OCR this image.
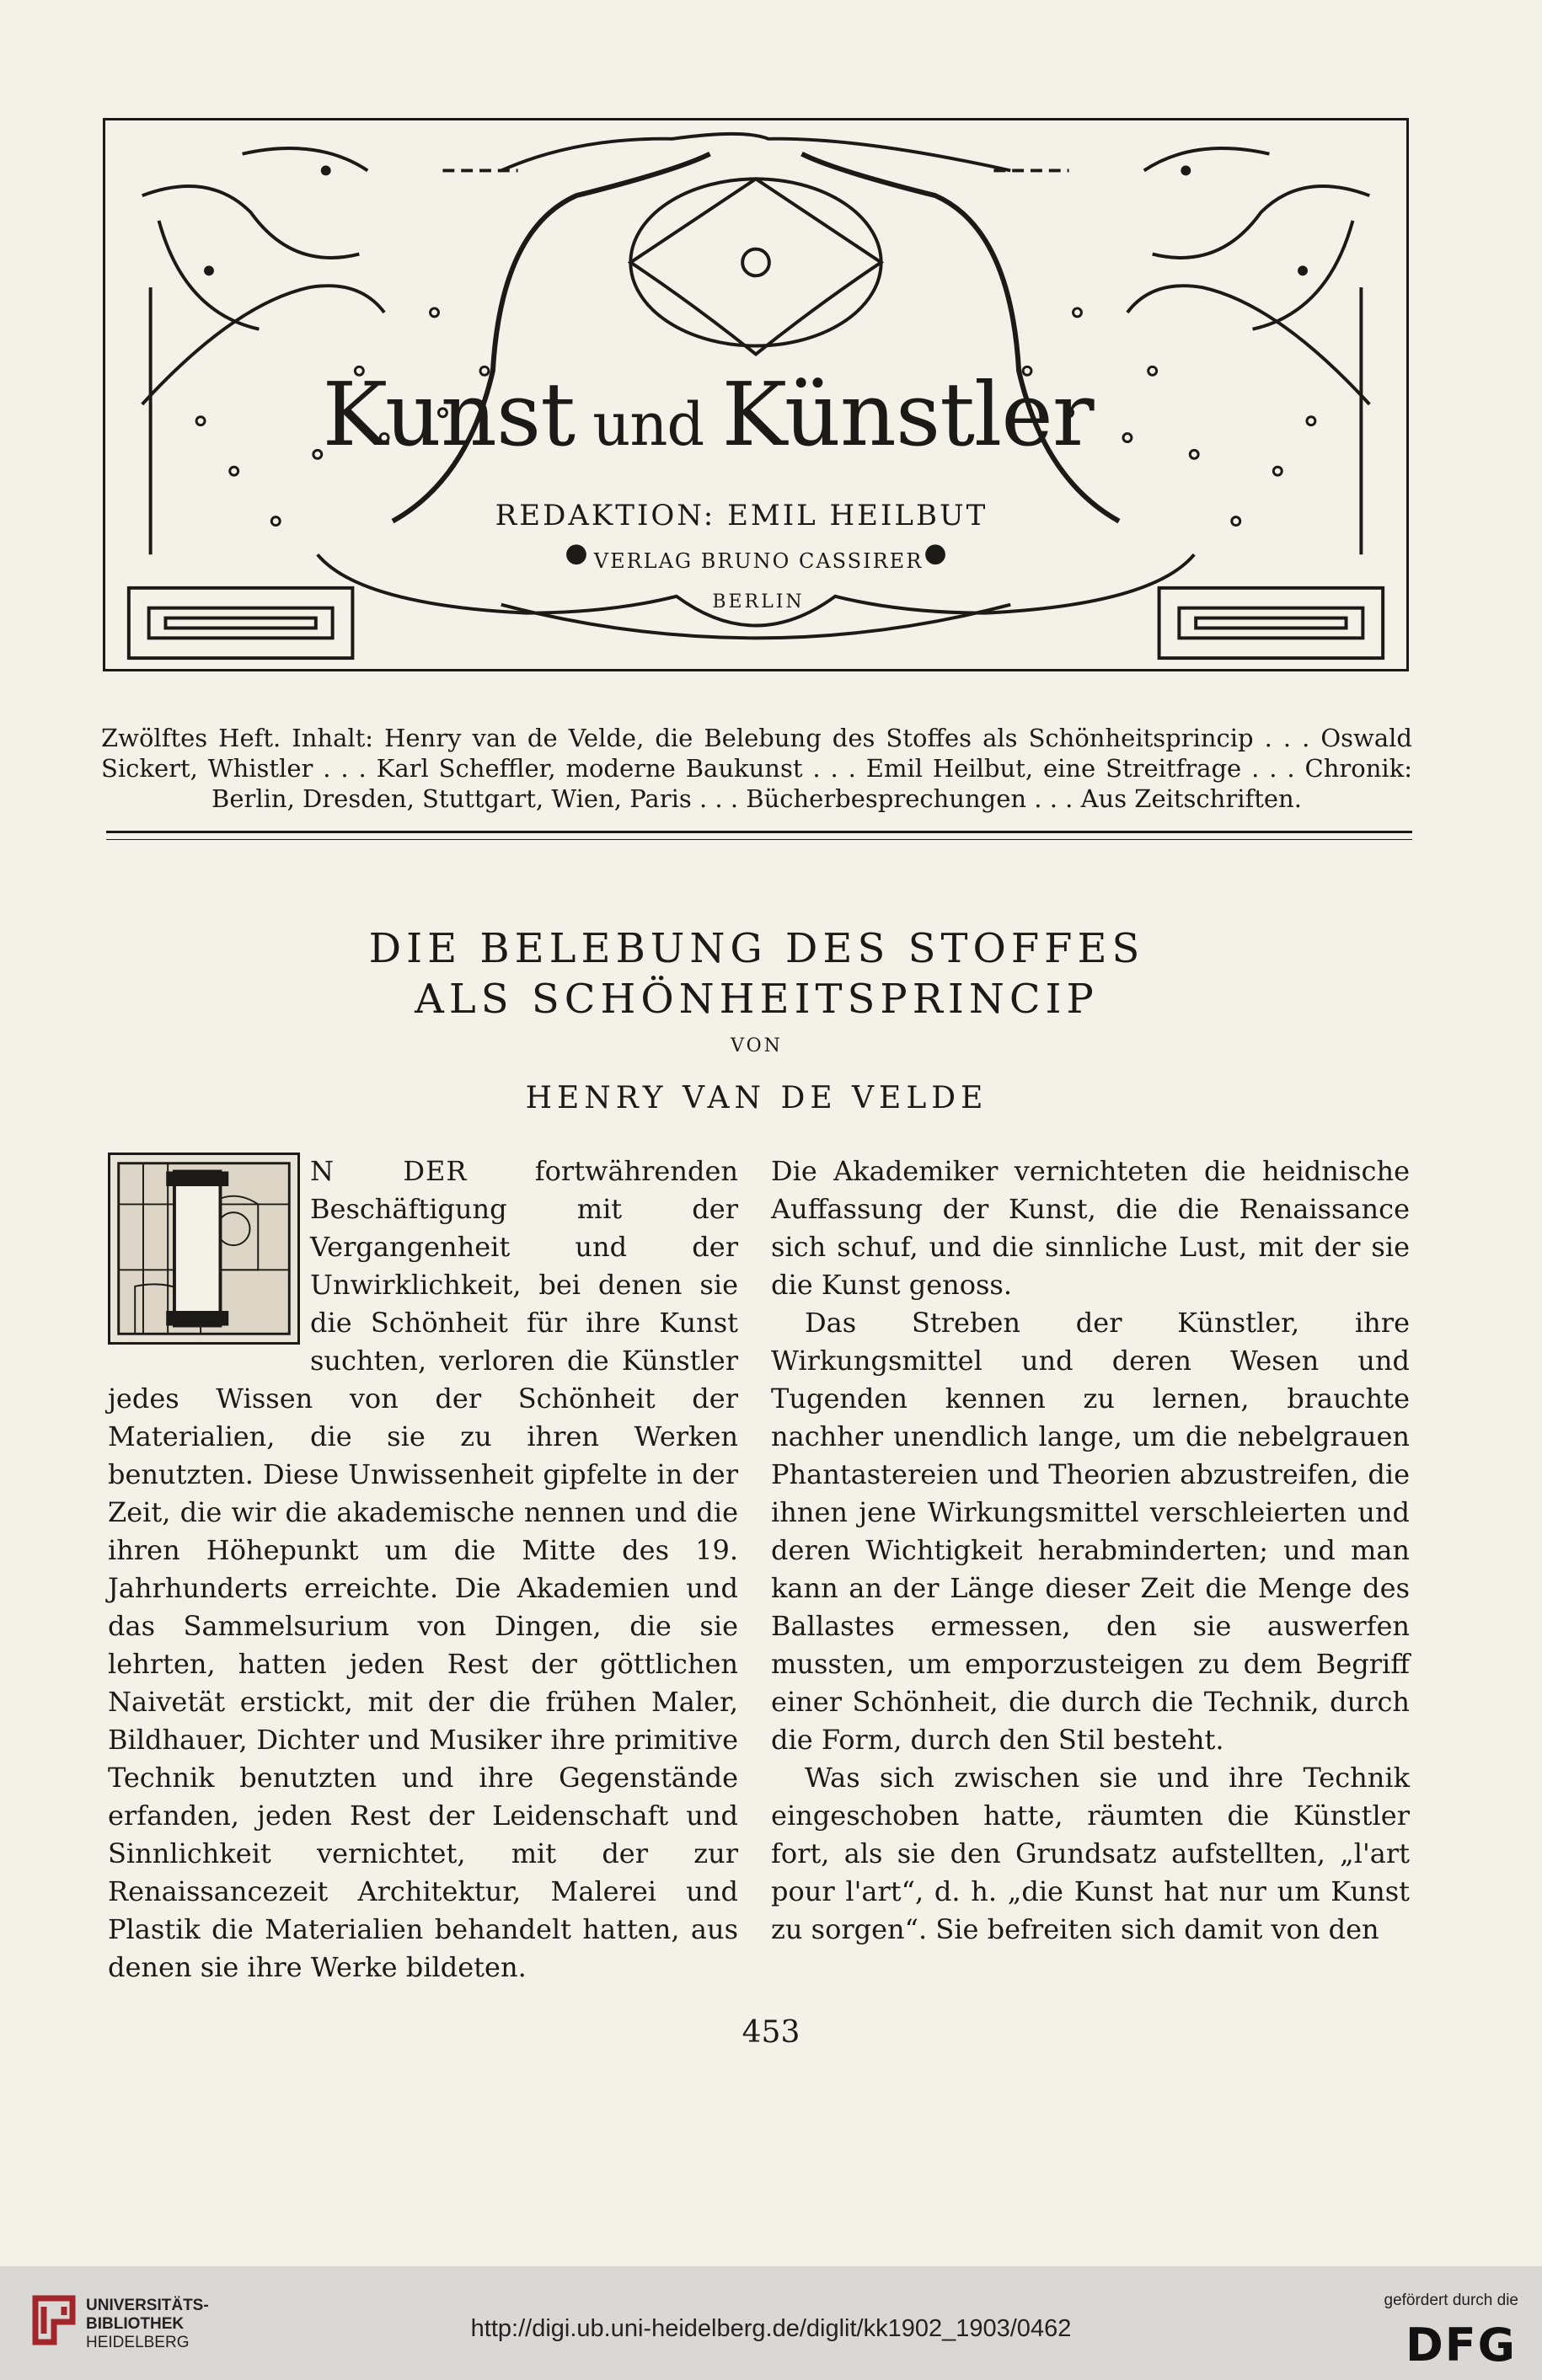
Kunst und Künstler
REDAKTION: EMIL HEILBUT
VERLAG BRUNO CASSIRER
BERLIN
Zwölftes Heft. Inhalt: Henry van de Velde, die Belebung des Stoffes als Schönheitsprincip . . . Oswald Sickert, Whistler . . . Karl Scheffler, moderne Baukunst . . . Emil Heilbut, eine Streitfrage . . . Chronik: Berlin, Dresden, Stuttgart, Wien, Paris . . . Bücherbesprechungen . . . Aus Zeitschriften.
DIE BELEBUNG DES STOFFES
ALS SCHÖNHEITSPRINCIP
VON
HENRY VAN DE VELDE

N DER fortwährenden Beschäftigung mit der Vergangenheit und der Unwirklichkeit, bei denen sie die Schönheit für ihre Kunst suchten, verloren die Künstler jedes Wissen von der Schönheit der Materialien, die sie zu ihren Werken benutzten. Diese Unwissenheit gipfelte in der Zeit, die wir die akademische nennen und die ihren Höhepunkt um die Mitte des 19. Jahrhunderts erreichte. Die Akademien und das Sammelsurium von Dingen, die sie lehrten, hatten jeden Rest der göttlichen Naivetät erstickt, mit der die frühen Maler, Bildhauer, Dichter und Musiker ihre primitive Technik benutzten und ihre Gegenstände erfanden, jeden Rest der Leidenschaft und Sinnlichkeit vernichtet, mit der zur Renaissancezeit Architektur, Malerei und Plastik die Materialien behandelt hatten, aus denen sie ihre Werke bildeten.

Die Akademiker vernichteten die heidnische Auffassung der Kunst, die die Renaissance sich schuf, und die sinnliche Lust, mit der sie die Kunst genoss.

Das Streben der Künstler, ihre Wirkungsmittel und deren Wesen und Tugenden kennen zu lernen, brauchte nachher unendlich lange, um die nebelgrauen Phantastereien und Theorien abzustreifen, die ihnen jene Wirkungsmittel verschleierten und deren Wichtigkeit herabminderten; und man kann an der Länge dieser Zeit die Menge des Ballastes ermessen, den sie auswerfen mussten, um emporzusteigen zu dem Begriff einer Schönheit, die durch die Technik, durch die Form, durch den Stil besteht.

Was sich zwischen sie und ihre Technik eingeschoben hatte, räumten die Künstler fort, als sie den Grundsatz aufstellten, „l'art pour l'art“, d. h. „die Kunst hat nur um Kunst zu sorgen“. Sie befreiten sich damit von den

453
UNIVERSITÄTS-
BIBLIOTHEK
HEIDELBERG
http://digi.ub.uni-heidelberg.de/diglit/kk1902_1903/0462
gefördert durch die
DFG
